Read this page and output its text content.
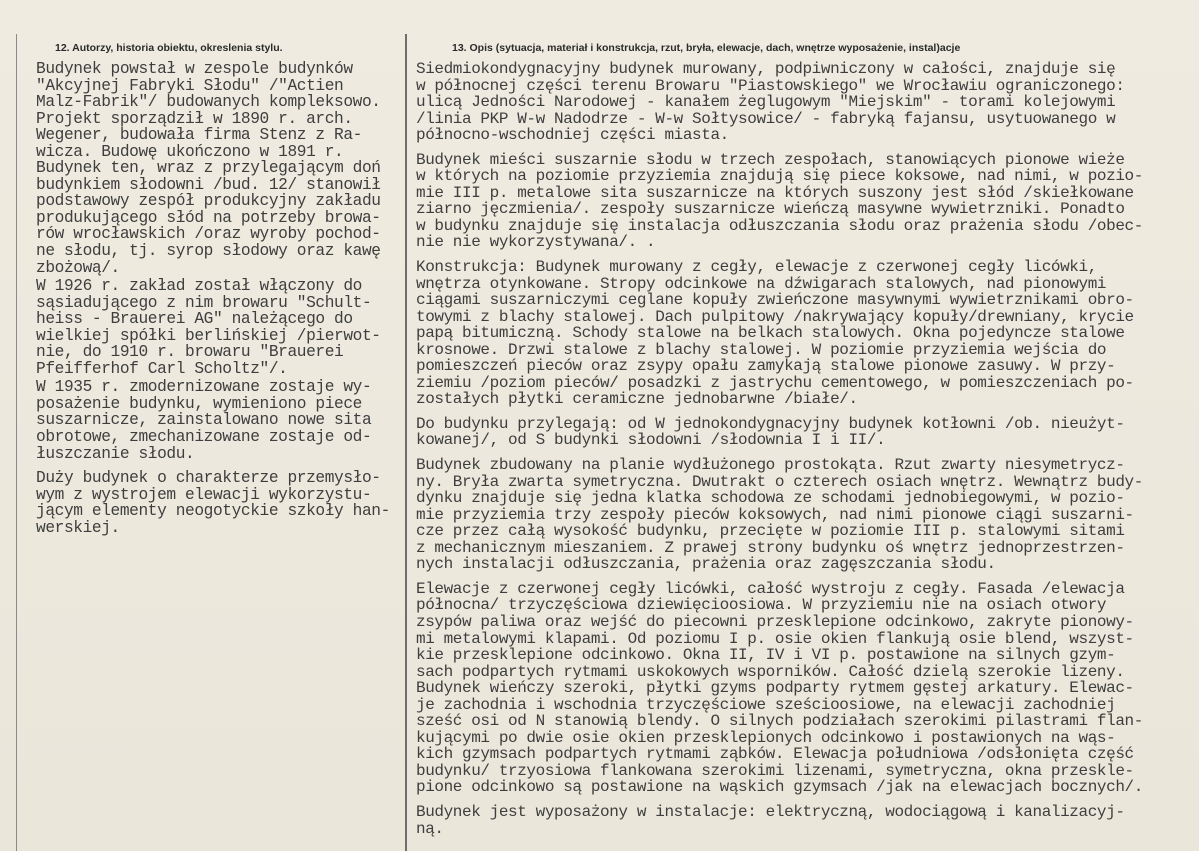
12. Autorzy, historia obiektu, okreslenia stylu.	13. Opis (sytuacja, materiał i konstrukcja, rzut, bryła, elewacje, dach, wnętrze wyposażenie, instal)acje
Budynek powstał w zespole budynków
"Akcyjnej Fabryki Słodu" /"Actien
Malz-Fabrik"/ budowanych kompleksowo.
Projekt sporządził w 1890 r. arch.
Wegener, budowała firma Stenz z Ra-
wicza. Budowę ukończono w 1891 r.
Budynek ten, wraz z przylegającym doń
budynkiem słodowni /bud. 12/ stanowił
podstawowy zespół produkcyjny zakładu
produkującego słód na potrzeby browa-
rów wrocławskich /oraz wyroby pochod-
ne słodu, tj. syrop słodowy oraz kawę
zbożową/.
W 1926 r. zakład został włączony do
sąsiadującego z nim browaru "Schult-
heiss - Brauerei AG" należącego do
wielkiej spółki berlińskiej /pierwot-
nie, do 1910 r. browaru "Brauerei
Pfeifferhof Carl Scholtz"/.
W 1935 r. zmodernizowane zostaje wy-
posażenie budynku, wymieniono piece
suszarnicze, zainstalowano nowe sita
obrotowe, zmechanizowane zostaje od-
łuszczanie słodu.
Duży budynek o charakterze przemysło-
wym z wystrojem elewacji wykorzystu-
jącym elementy neogotyckie szkoły han-
werskiej.
Siedmiokondygnacyjny budynek murowany, podpiwniczony w całości, znajduje się
w północnej części terenu Browaru "Piastowskiego" we Wrocławiu ograniczonego:
ulicą Jedności Narodowej - kanałem żeglugowym "Miejskim" - torami kolejowymi
/linia PKP W-w Nadodrze - W-w Sołtysowice/ - fabryką fajansu, usytuowanego w
północno-wschodniej części miasta.
Budynek mieści suszarnie słodu w trzech zespołach, stanowiących pionowe wieże
w których na poziomie przyziemia znajdują się piece koksowe, nad nimi, w pozio-
mie III p. metalowe sita suszarnicze na których suszony jest słód /skiełkowane
ziarno jęczmienia/. zespoły suszarnicze wieńczą masywne wywietrzniki. Ponadto
w budynku znajduje się instalacja odłuszczania słodu oraz prażenia słodu /obec-
nie nie wykorzystywana/. .
Konstrukcja: Budynek murowany z cegły, elewacje z czerwonej cegły licówki,
wnętrza otynkowane. Stropy odcinkowe na dźwigarach stalowych, nad pionowymi
ciągami suszarniczymi ceglane kopuły zwieńczone masywnymi wywietrznikami obro-
towymi z blachy stalowej. Dach pulpitowy /nakrywający kopuły/drewniany, krycie
papą bitumiczną. Schody stalowe na belkach stalowych. Okna pojedyncze stalowe
krosnowe. Drzwi stalowe z blachy stalowej. W poziomie przyziemia wejścia do
pomieszczeń pieców oraz zsypy opału zamykają stalowe pionowe zasuwy. W przy-
ziemiu /poziom pieców/ posadzki z jastrychu cementowego, w pomieszczeniach po-
zostałych płytki ceramiczne jednobarwne /białe/.
Do budynku przylegają: od W jednokondygnacyjny budynek kotłowni /ob. nieużyt-
kowanej/, od S budynki słodowni /słodownia I i II/.
Budynek zbudowany na planie wydłużonego prostokąta. Rzut zwarty niesymetrycz-
ny. Bryła zwarta symetryczna. Dwutrakt o czterech osiach wnętrz. Wewnątrz budy-
dynku znajduje się jedna klatka schodowa ze schodami jednobiegowymi, w pozio-
mie przyziemia trzy zespoły pieców koksowych, nad nimi pionowe ciągi suszarni-
cze przez całą wysokość budynku, przecięte w poziomie III p. stalowymi sitami
z mechanicznym mieszaniem. Z prawej strony budynku oś wnętrz jednoprzestrzen-
nych instalacji odłuszczania, prażenia oraz zagęszczania słodu.
Elewacje z czerwonej cegły licówki, całość wystroju z cegły. Fasada /elewacja
północna/ trzyczęściowa dziewięcioosiowa. W przyziemiu nie na osiach otwory
zsypów paliwa oraz wejść do piecowni przesklepione odcinkowo, zakryte pionowy-
mi metalowymi klapami. Od poziomu I p. osie okien flankują osie blend, wszyst-
kie przesklepione odcinkowo. Okna II, IV i VI p. postawione na silnych gzym-
sach podpartych rytmami uskokowych wsporników. Całość dzielą szerokie lizeny.
Budynek wieńczy szeroki, płytki gzyms podparty rytmem gęstej arkatury. Elewac-
je zachodnia i wschodnia trzyczęściowe sześcioosiowe, na elewacji zachodniej
sześć osi od N stanowią blendy. O silnych podziałach szerokimi pilastrami flan-
kującymi po dwie osie okien przesklepionych odcinkowo i postawionych na wąs-
kich gzymsach podpartych rytmami ząbków. Elewacja południowa /odsłonięta część
budynku/ trzyosiowa flankowana szerokimi lizenami, symetryczna, okna przeskle-
pione odcinkowo są postawione na wąskich gzymsach /jak na elewacjach bocznych/.
Budynek jest wyposażony w instalacje: elektryczną, wodociągową i kanalizacyj-
ną.
